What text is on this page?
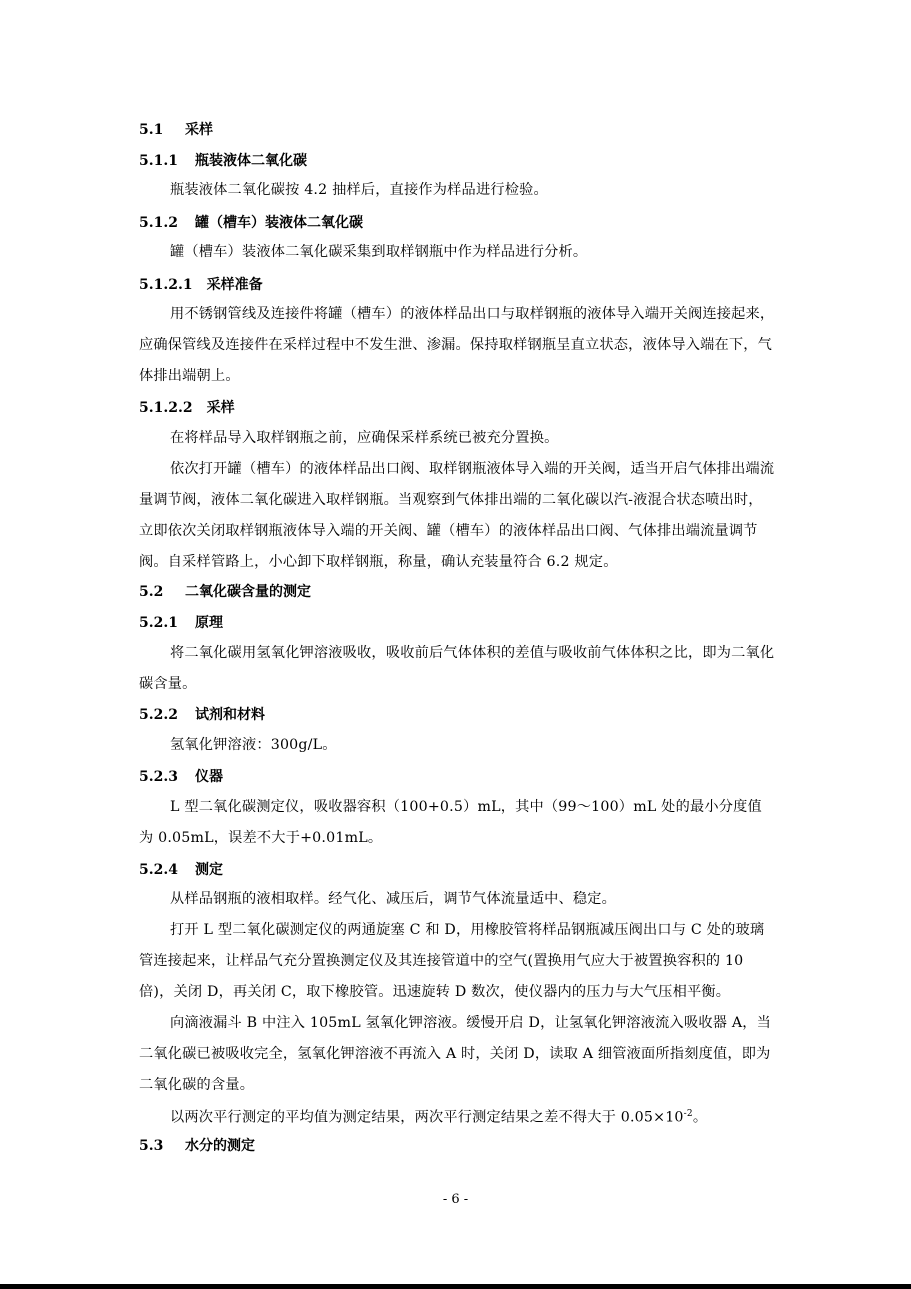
5.1 采样
5.1.1 瓶装液体二氧化碳
瓶装液体二氧化碳按 4.2 抽样后，直接作为样品进行检验。
5.1.2 罐（槽车）装液体二氧化碳
罐（槽车）装液体二氧化碳采集到取样钢瓶中作为样品进行分析。
5.1.2.1 采样准备
用不锈钢管线及连接件将罐（槽车）的液体样品出口与取样钢瓶的液体导入端开关阀连接起来，应确保管线及连接件在采样过程中不发生泄、渗漏。保持取样钢瓶呈直立状态，液体导入端在下，气体排出端朝上。
5.1.2.2 采样
在将样品导入取样钢瓶之前，应确保采样系统已被充分置换。
依次打开罐（槽车）的液体样品出口阀、取样钢瓶液体导入端的开关阀，适当开启气体排出端流量调节阀，液体二氧化碳进入取样钢瓶。当观察到气体排出端的二氧化碳以汽-液混合状态喷出时，立即依次关闭取样钢瓶液体导入端的开关阀、罐（槽车）的液体样品出口阀、气体排出端流量调节阀。自采样管路上，小心卸下取样钢瓶，称量，确认充装量符合 6.2 规定。
5.2 二氧化碳含量的测定
5.2.1 原理
将二氧化碳用氢氧化钾溶液吸收，吸收前后气体体积的差值与吸收前气体体积之比，即为二氧化碳含量。
5.2.2 试剂和材料
氢氧化钾溶液：300g/L。
5.2.3 仪器
L 型二氧化碳测定仪，吸收器容积（100+0.5）mL，其中（99～100）mL 处的最小分度值为 0.05mL，误差不大于+0.01mL。
5.2.4 测定
从样品钢瓶的液相取样。经气化、减压后，调节气体流量适中、稳定。
打开 L 型二氧化碳测定仪的两通旋塞 C 和 D，用橡胶管将样品钢瓶减压阀出口与 C 处的玻璃管连接起来，让样品气充分置换测定仪及其连接管道中的空气(置换用气应大于被置换容积的 10 倍)，关闭 D，再关闭 C，取下橡胶管。迅速旋转 D 数次，使仪器内的压力与大气压相平衡。
向滴液漏斗 B 中注入 105mL 氢氧化钾溶液。缓慢开启 D，让氢氧化钾溶液流入吸收器 A，当二氧化碳已被吸收完全，氢氧化钾溶液不再流入 A 时，关闭 D，读取 A 细管液面所指刻度值，即为二氧化碳的含量。
以两次平行测定的平均值为测定结果，两次平行测定结果之差不得大于 $0.05\times 10^{-2}$。
5.3 水分的测定
- 6 -
